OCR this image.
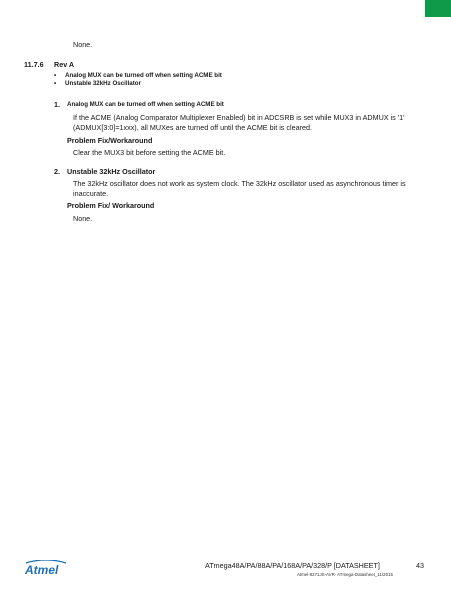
None.
11.7.6 Rev A
•	Analog MUX can be turned off when setting ACME bit
•	Unstable 32kHz Oscillator
1. Analog MUX can be turned off when setting ACME bit
If the ACME (Analog Comparator Multiplexer Enabled) bit in ADCSRB is set while MUX3 in ADMUX is '1'
(ADMUX[3:0]=1xxx), all MUXes are turned off until the ACME bit is cleared.
Problem Fix/Workaround
Clear the MUX3 bit before setting the ACME bit.
2. Unstable 32kHz Oscillator
The 32kHz oscillator does not work as system clock. The 32kHz oscillator used as asynchronous timer is
inaccurate.
Problem Fix/ Workaround
None.
Atmel	ATmega48A/PA/88A/PA/168A/PA/328/P [DATASHEET]	43
Atmel-8271JS-AVR- ATmega-Datasheet_11/2015
